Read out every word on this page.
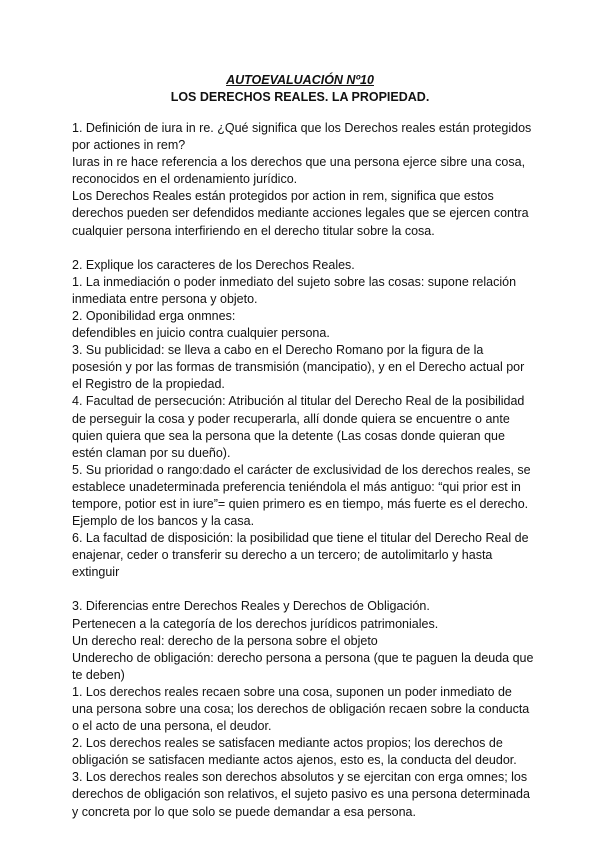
AUTOEVALUACIÓN Nº10
LOS DERECHOS REALES. LA PROPIEDAD.

1. Definición de iura in re. ¿Qué significa que los Derechos reales están protegidos por actiones in rem?

Iuras in re hace referencia a los derechos que una persona ejerce sibre una cosa, reconocidos en el ordenamiento jurídico.

Los Derechos Reales están protegidos por action in rem, significa que estos derechos pueden ser defendidos mediante acciones legales que se ejercen contra cualquier persona interfiriendo en el derecho titular sobre la cosa.

2. Explique los caracteres de los Derechos Reales.

1. La inmediación o poder inmediato del sujeto sobre las cosas: supone relación inmediata entre persona y objeto.

2. Oponibilidad erga onmnes:

defendibles en juicio contra cualquier persona.

3. Su publicidad: se lleva a cabo en el Derecho Romano por la figura de la posesión y por las formas de transmisión (mancipatio), y en el Derecho actual por el Registro de la propiedad.

4. Facultad de persecución: Atribución al titular del Derecho Real de la posibilidad de perseguir la cosa y poder recuperarla, allí donde quiera se encuentre o ante quien quiera que sea la persona que la detente (Las cosas donde quieran que estén claman por su dueño).

5. Su prioridad o rango:dado el carácter de exclusividad de los derechos reales, se establece unadeterminada preferencia teniéndola el más antiguo: “qui prior est in tempore, potior est in iure”= quien primero es en tiempo, más fuerte es el derecho. Ejemplo de los bancos y la casa.

6. La facultad de disposición: la posibilidad que tiene el titular del Derecho Real de enajenar, ceder o transferir su derecho a un tercero; de autolimitarlo y hasta extinguir

3. Diferencias entre Derechos Reales y Derechos de Obligación.

Pertenecen a la categoría de los derechos jurídicos patrimoniales.

Un derecho real: derecho de la persona sobre el objeto

Underecho de obligación: derecho persona a persona (que te paguen la deuda que te deben)

1. Los derechos reales recaen sobre una cosa, suponen un poder inmediato de una persona sobre una cosa; los derechos de obligación recaen sobre la conducta o el acto de una persona, el deudor.

2. Los derechos reales se satisfacen mediante actos propios; los derechos de obligación se satisfacen mediante actos ajenos, esto es, la conducta del deudor.

3. Los derechos reales son derechos absolutos y se ejercitan con erga omnes; los derechos de obligación son relativos, el sujeto pasivo es una persona determinada y concreta por lo que solo se puede demandar a esa persona.
